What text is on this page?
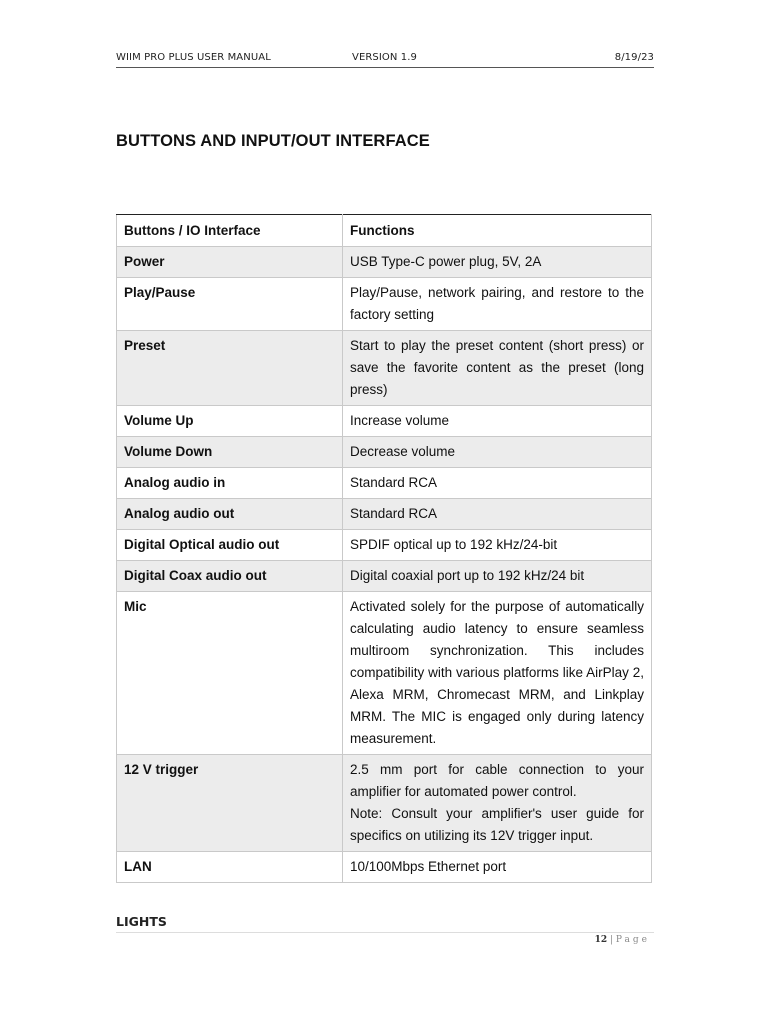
WIIM PRO PLUS USER MANUAL	VERSION 1.9	8/19/23
BUTTONS AND INPUT/OUT INTERFACE
Buttons / IO Interface	Functions
Power	USB Type-C power plug, 5V, 2A
Play/Pause	Play/Pause, network pairing, and restore to the factory setting
Preset	Start to play the preset content (short press) or save the favorite content as the preset (long press)
Volume Up	Increase volume
Volume Down	Decrease volume
Analog audio in	Standard RCA
Analog audio out	Standard RCA
Digital Optical audio out	SPDIF optical up to 192 kHz/24-bit
Digital Coax audio out	Digital coaxial port up to 192 kHz/24 bit
Mic	Activated solely for the purpose of automatically calculating audio latency to ensure seamless multiroom synchronization. This includes compatibility with various platforms like AirPlay 2, Alexa MRM, Chromecast MRM, and Linkplay MRM. The MIC is engaged only during latency measurement.
12 V trigger	2.5 mm port for cable connection to your amplifier for automated power control.
Note: Consult your amplifier's user guide for specifics on utilizing its 12V trigger input.

LAN	10/100Mbps Ethernet port
LIGHTS
12 | Page
